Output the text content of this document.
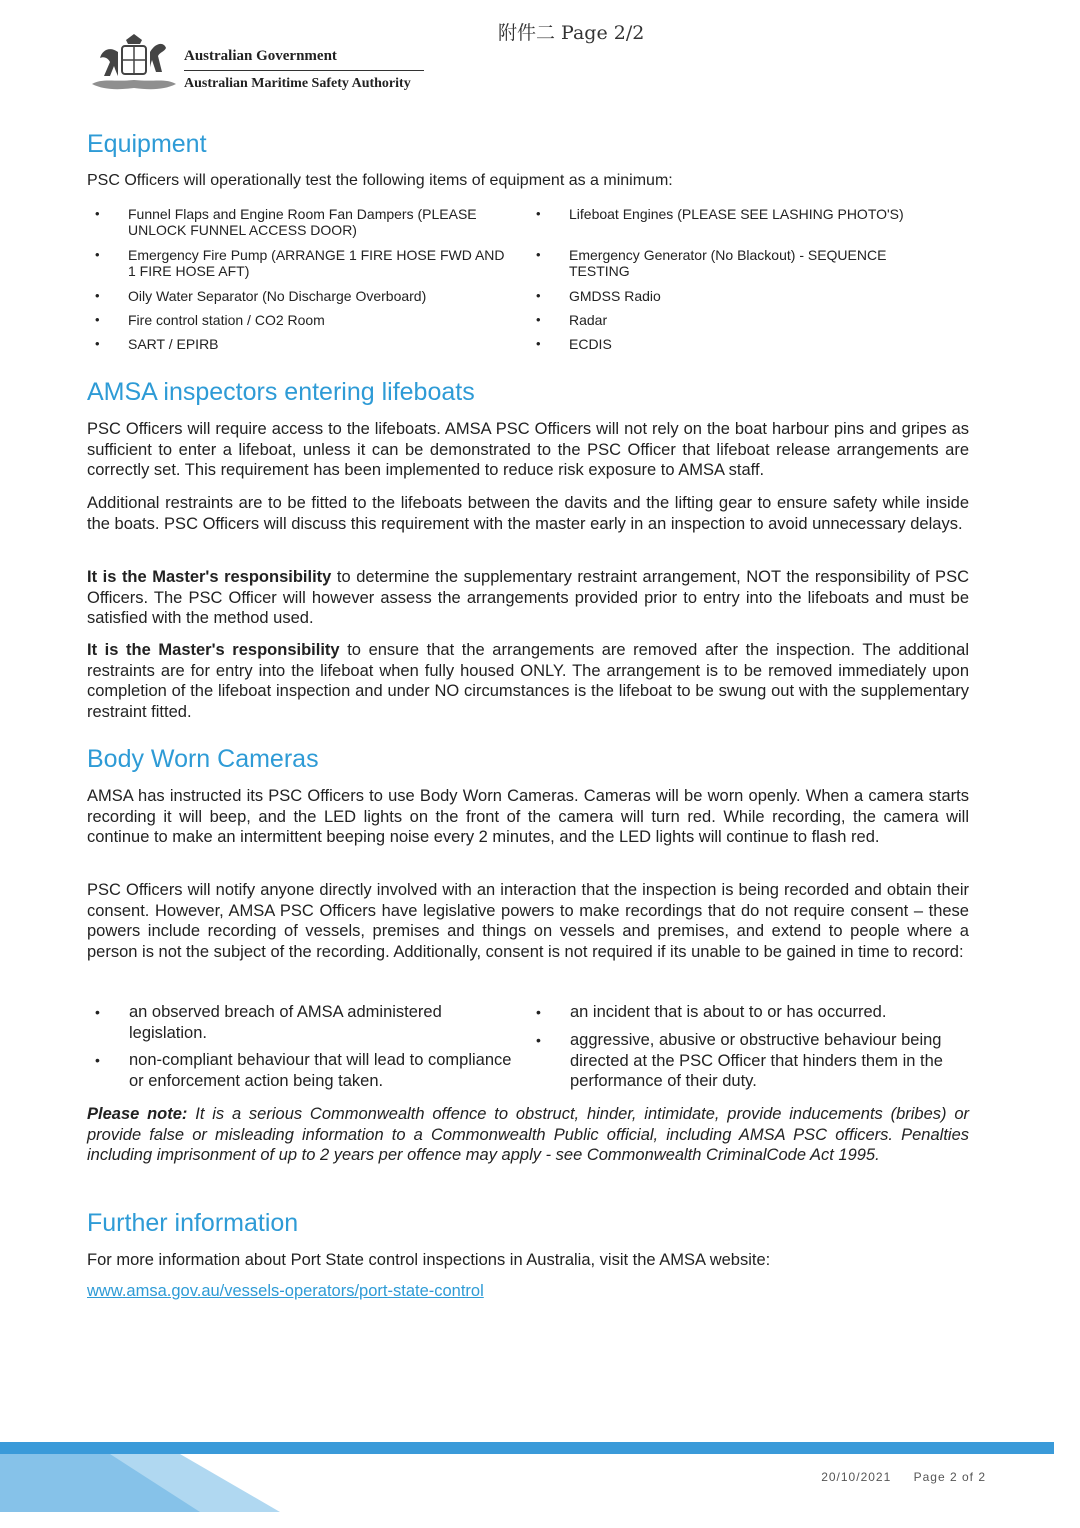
附件二 Page 2/2
Australian Government
Australian Maritime Safety Authority
Equipment

PSC Officers will operationally test the following items of equipment as a minimum:

• Funnel Flaps and Engine Room Fan Dampers (PLEASE UNLOCK FUNNEL ACCESS DOOR)
• Emergency Fire Pump (ARRANGE 1 FIRE HOSE FWD AND 1 FIRE HOSE AFT)
• Oily Water Separator (No Discharge Overboard)
• Fire control station / CO2 Room
• SART / EPIRB
• Lifeboat Engines (PLEASE SEE LASHING PHOTO'S)
• Emergency Generator (No Blackout) - SEQUENCE TESTING
• GMDSS Radio
• Radar
• ECDIS
AMSA inspectors entering lifeboats

PSC Officers will require access to the lifeboats. AMSA PSC Officers will not rely on the boat harbour pins and gripes as sufficient to enter a lifeboat, unless it can be demonstrated to the PSC Officer that lifeboat release arrangements are correctly set. This requirement has been implemented to reduce risk exposure to AMSA staff.

Additional restraints are to be fitted to the lifeboats between the davits and the lifting gear to ensure safety while inside the boats. PSC Officers will discuss this requirement with the master early in an inspection to avoid unnecessary delays.

It is the Master's responsibility to determine the supplementary restraint arrangement, NOT the responsibility of PSC Officers. The PSC Officer will however assess the arrangements provided prior to entry into the lifeboats and must be satisfied with the method used.

It is the Master's responsibility to ensure that the arrangements are removed after the inspection. The additional restraints are for entry into the lifeboat when fully housed ONLY. The arrangement is to be removed immediately upon completion of the lifeboat inspection and under NO circumstances is the lifeboat to be swung out with the supplementary restraint fitted.

Body Worn Cameras

AMSA has instructed its PSC Officers to use Body Worn Cameras. Cameras will be worn openly. When a camera starts recording it will beep, and the LED lights on the front of the camera will turn red. While recording, the camera will continue to make an intermittent beeping noise every 2 minutes, and the LED lights will continue to flash red.

PSC Officers will notify anyone directly involved with an interaction that the inspection is being recorded and obtain their consent. However, AMSA PSC Officers have legislative powers to make recordings that do not require consent – these powers include recording of vessels, premises and things on vessels and premises, and extend to people where a person is not the subject of the recording. Additionally, consent is not required if its unable to be gained in time to record:

• an observed breach of AMSA administered legislation.
• non-compliant behaviour that will lead to compliance or enforcement action being taken.
• an incident that is about to or has occurred.
• aggressive, abusive or obstructive behaviour being directed at the PSC Officer that hinders them in the performance of their duty.

Please note: It is a serious Commonwealth offence to obstruct, hinder, intimidate, provide inducements (bribes) or provide false or misleading information to a Commonwealth Public official, including AMSA PSC officers. Penalties including imprisonment of up to 2 years per offence may apply - see Commonwealth CriminalCode Act 1995.

Further information

For more information about Port State control inspections in Australia, visit the AMSA website:

www.amsa.gov.au/vessels-operators/port-state-control
20/10/2021 Page 2 of 2
